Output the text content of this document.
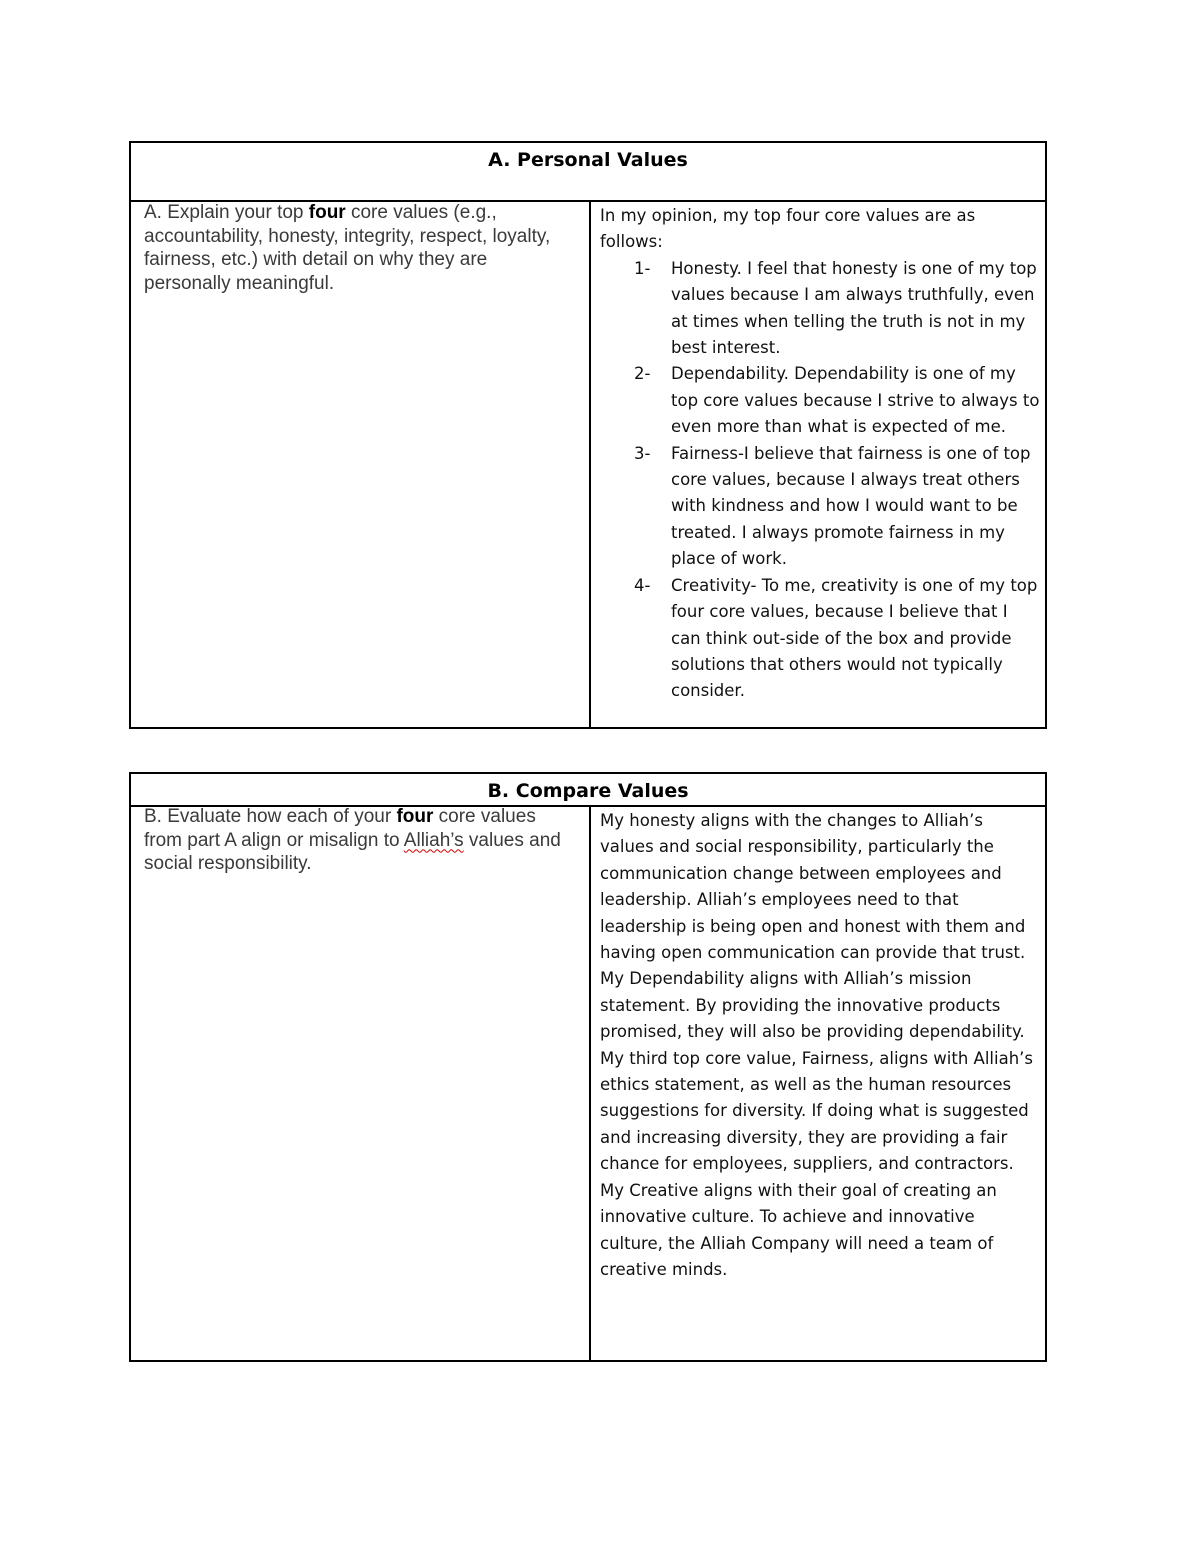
A. Personal Values
A. Explain your top four core values (e.g., accountability, honesty, integrity, respect, loyalty, fairness, etc.) with detail on why they are personally meaningful.

In my opinion, my top four core values are as follows:

1- Honesty. I feel that honesty is one of my top values because I am always truthfully, even at times when telling the truth is not in my best interest.
2- Dependability. Dependability is one of my top core values because I strive to always to even more than what is expected of me.
3- Fairness-I believe that fairness is one of top core values, because I always treat others with kindness and how I would want to be treated. I always promote fairness in my place of work.
4- Creativity- To me, creativity is one of my top four core values, because I believe that I can think out-side of the box and provide solutions that others would not typically consider.
B. Compare Values
B. Evaluate how each of your four core values from part A align or misalign to Alliah’s values and social responsibility.

My honesty aligns with the changes to Alliah’s values and social responsibility, particularly the communication change between employees and leadership. Alliah’s employees need to that leadership is being open and honest with them and having open communication can provide that trust.

My Dependability aligns with Alliah’s mission statement. By providing the innovative products promised, they will also be providing dependability.

My third top core value, Fairness, aligns with Alliah’s ethics statement, as well as the human resources suggestions for diversity. If doing what is suggested and increasing diversity, they are providing a fair chance for employees, suppliers, and contractors.

My Creative aligns with their goal of creating an innovative culture. To achieve and innovative culture, the Alliah Company will need a team of creative minds.
